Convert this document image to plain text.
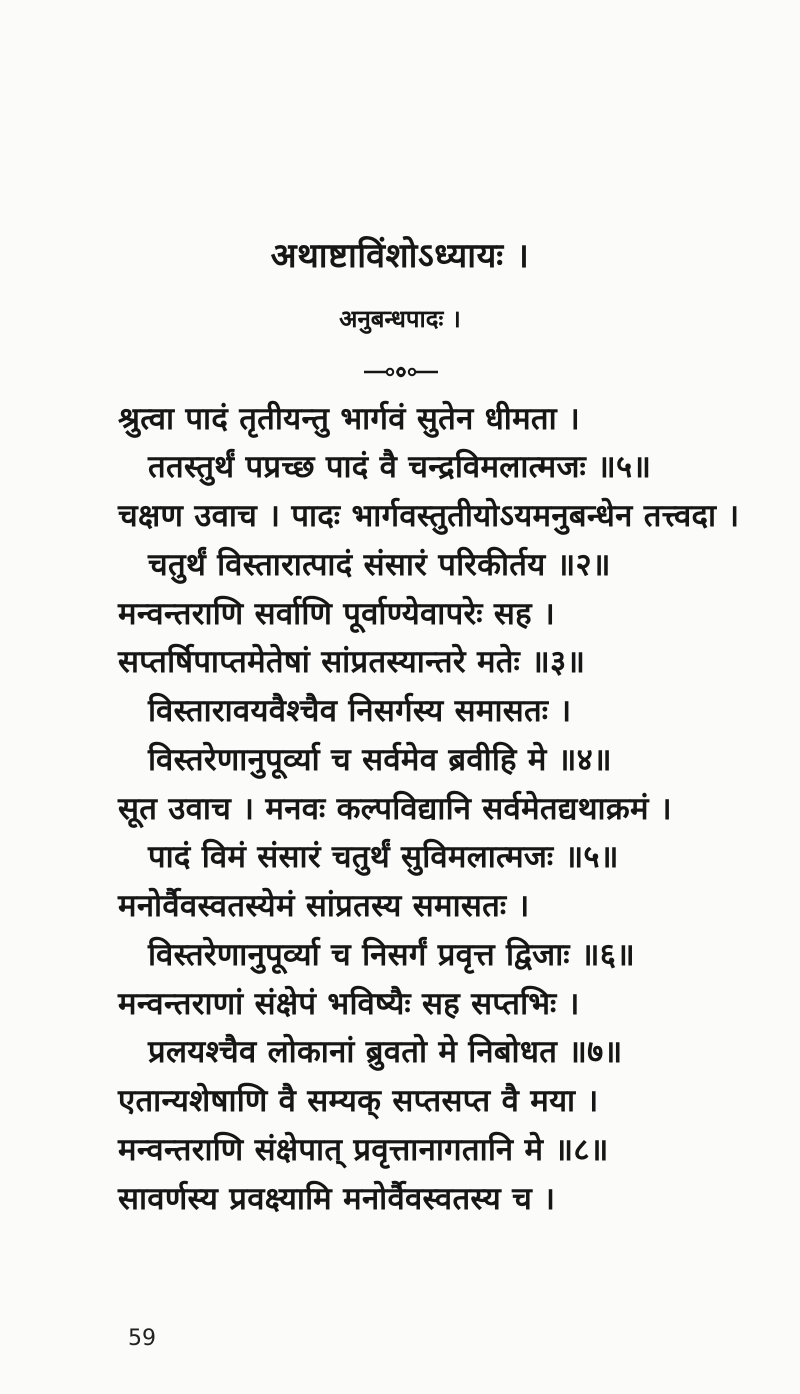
अथाष्टाविंशोऽध्यायः ।
अनुबन्धपादः ।
श्रुत्वा पादं तृतीयन्तु भार्गवं सुतेन धीमता ।
ततस्तुर्थं पप्रच्छ पादं वै चन्द्रविमलात्मजः ॥५॥
चक्षण उवाच । पादः भार्गवस्तुतीयोऽयमनुबन्धेन तत्त्वदा ।
चतुर्थं विस्तारात्पादं संसारं परिकीर्तय ॥२॥
मन्वन्तराणि सर्वाणि पूर्वाण्येवापरेः सह ।
सप्तर्षिपाप्तमेतेषां सांप्रतस्यान्तरे मतेः ॥३॥
विस्तारावयवैश्चैव निसर्गस्य समासतः ।
विस्तरेणानुपूर्व्या च सर्वमेव ब्रवीहि मे ॥४॥
सूत उवाच । मनवः कल्पविद्यानि सर्वमेतद्यथाक्रमं ।
पादं विमं संसारं चतुर्थं सुविमलात्मजः ॥५॥
मनोर्वैवस्वतस्येमं सांप्रतस्य समासतः ।
विस्तरेणानुपूर्व्या च निसर्गं प्रवृत्त द्विजाः ॥६॥
मन्वन्तराणां संक्षेपं भविष्यैः सह सप्तभिः ।
प्रलयश्चैव लोकानां ब्रुवतो मे निबोधत ॥७॥
एतान्यशेषाणि वै सम्यक् सप्तसप्त वै मया ।
मन्वन्तराणि संक्षेपात् प्रवृत्तानागतानि मे ॥८॥
सावर्णस्य प्रवक्ष्यामि मनोर्वैवस्वतस्य च ।
59
